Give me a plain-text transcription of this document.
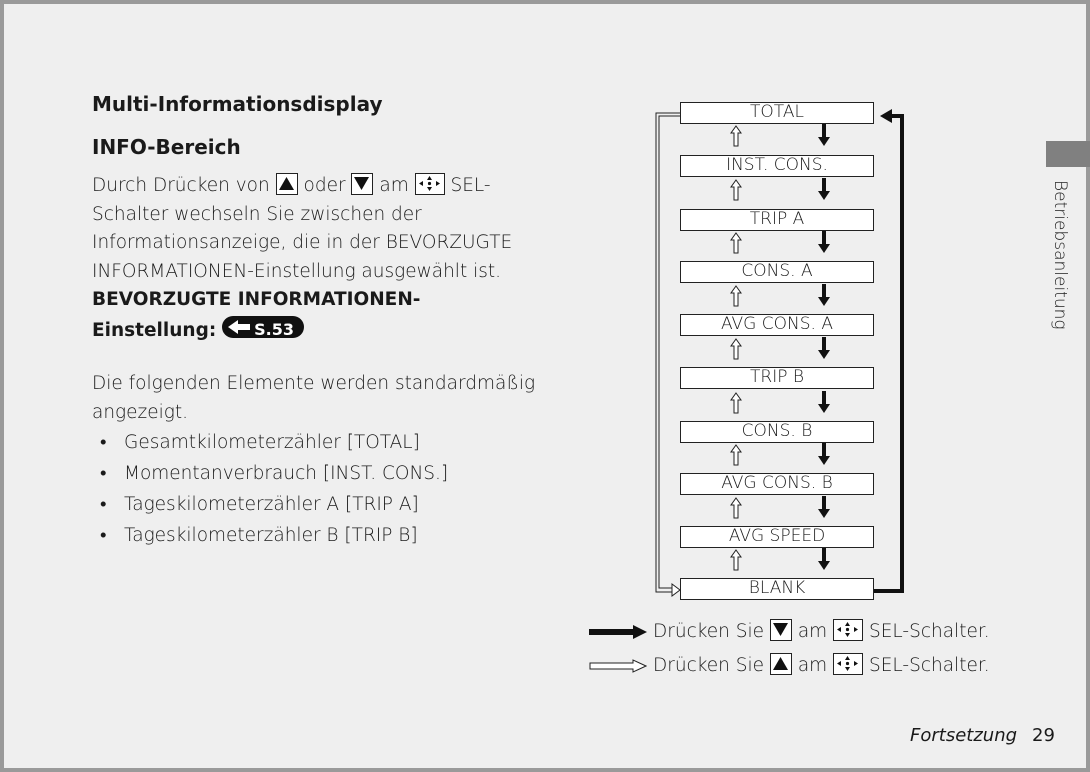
Multi-Informationsdisplay
INFO-Bereich
Durch Drücken von oder am SEL-
Schalter wechseln Sie zwischen der
Informationsanzeige, die in der BEVORZUGTE
INFORMATIONEN-Einstellung ausgewählt ist.
BEVORZUGTE INFORMATIONEN-
Einstellung: S.53
Die folgenden Elemente werden standardmäßig
angezeigt.
• Gesamtkilometerzähler [TOTAL]
• Momentanverbrauch [INST. CONS.]
• Tageskilometerzähler A [TRIP A]
• Tageskilometerzähler B [TRIP B]
TOTAL
INST. CONS.
TRIP A
CONS. A
AVG CONS. A
TRIP B
CONS. B
AVG CONS. B
AVG SPEED
BLANK
Drücken Sie am SEL-Schalter.
Drücken Sie am SEL-Schalter.
Betriebsanleitung
Fortsetzung 29
